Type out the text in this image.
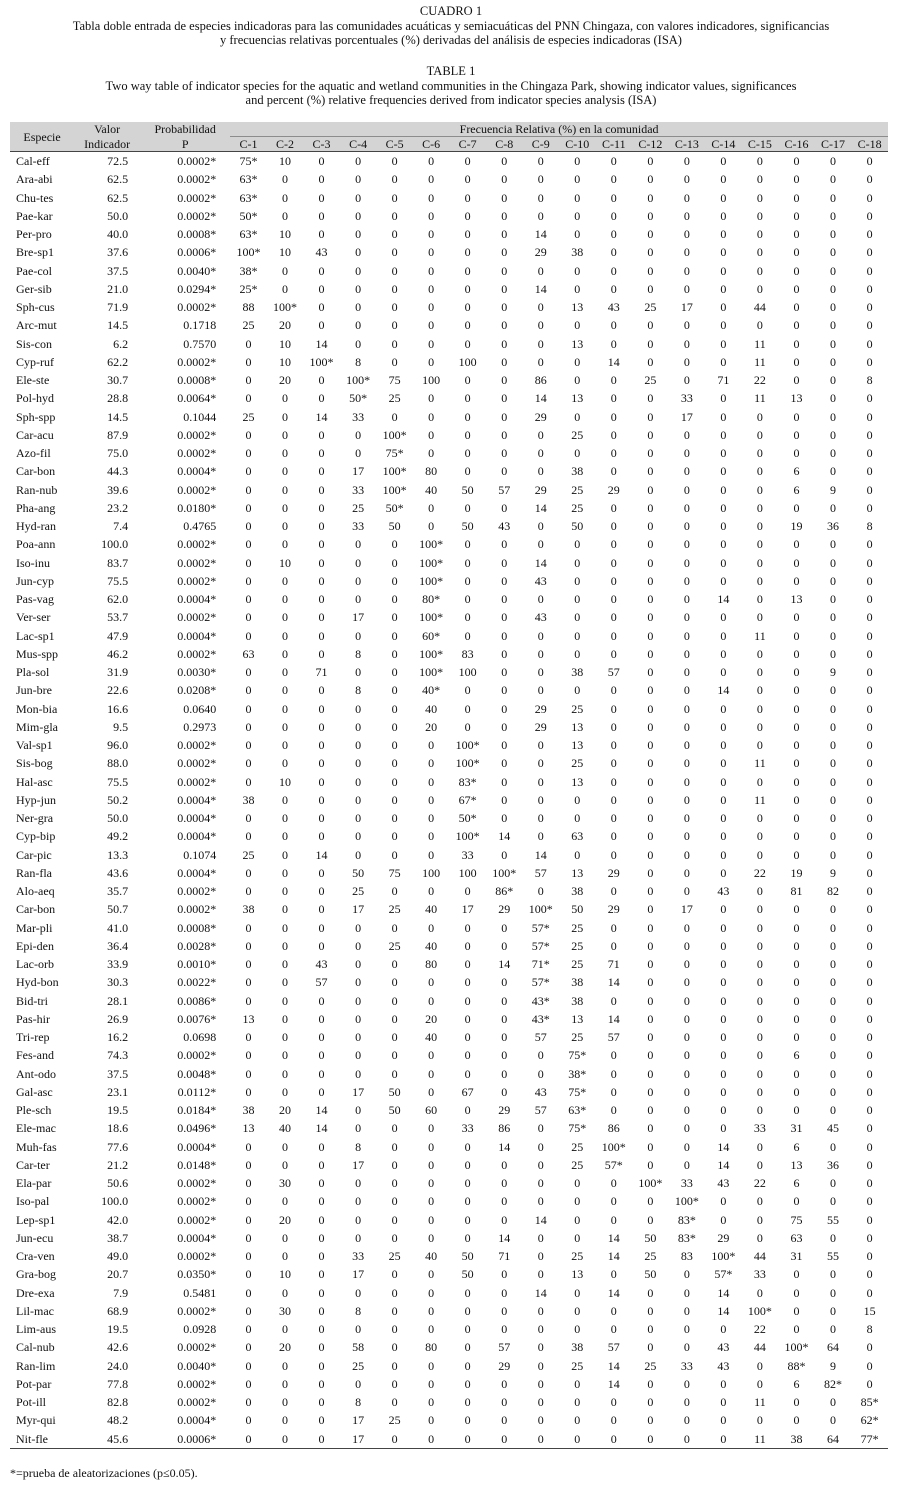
CUADRO 1
Tabla doble entrada de especies indicadoras para las comunidades acuáticas y semiacuáticas del PNN Chingaza, con valores indicadores, significancias
y frecuencias relativas porcentuales (%) derivadas del análisis de especies indicadoras (ISA)
TABLE 1
Two way table of indicator species for the aquatic and wetland communities in the Chingaza Park, showing indicator values, significances
and percent (%) relative frequencies derived from indicator species analysis (ISA)
Especie	Valor	Probabilidad	Frecuencia Relativa (%) en la comunidad																	
	Indicador	P	C-1	C-2	C-3	C-4	C-5	C-6	C-7	C-8	C-9	C-10	C-11	C-12	C-13	C-14	C-15	C-16	C-17	C-18
Cal-eff	72.5	0.0002*	75*	10	0	0	0	0	0	0	0	0	0	0	0	0	0	0	0	0
Ara-abi	62.5	0.0002*	63*	0	0	0	0	0	0	0	0	0	0	0	0	0	0	0	0	0
Chu-tes	62.5	0.0002*	63*	0	0	0	0	0	0	0	0	0	0	0	0	0	0	0	0	0
Pae-kar	50.0	0.0002*	50*	0	0	0	0	0	0	0	0	0	0	0	0	0	0	0	0	0
Per-pro	40.0	0.0008*	63*	10	0	0	0	0	0	0	14	0	0	0	0	0	0	0	0	0
Bre-sp1	37.6	0.0006*	100*	10	43	0	0	0	0	0	29	38	0	0	0	0	0	0	0	0
Pae-col	37.5	0.0040*	38*	0	0	0	0	0	0	0	0	0	0	0	0	0	0	0	0	0
Ger-sib	21.0	0.0294*	25*	0	0	0	0	0	0	0	14	0	0	0	0	0	0	0	0	0
Sph-cus	71.9	0.0002*	88	100*	0	0	0	0	0	0	0	13	43	25	17	0	44	0	0	0
Arc-mut	14.5	0.1718	25	20	0	0	0	0	0	0	0	0	0	0	0	0	0	0	0	0
Sis-con	6.2	0.7570	0	10	14	0	0	0	0	0	0	13	0	0	0	0	11	0	0	0
Cyp-ruf	62.2	0.0002*	0	10	100*	8	0	0	100	0	0	0	14	0	0	0	11	0	0	0
Ele-ste	30.7	0.0008*	0	20	0	100*	75	100	0	0	86	0	0	25	0	71	22	0	0	8
Pol-hyd	28.8	0.0064*	0	0	0	50*	25	0	0	0	14	13	0	0	33	0	11	13	0	0
Sph-spp	14.5	0.1044	25	0	14	33	0	0	0	0	29	0	0	0	17	0	0	0	0	0
Car-acu	87.9	0.0002*	0	0	0	0	100*	0	0	0	0	25	0	0	0	0	0	0	0	0
Azo-fil	75.0	0.0002*	0	0	0	0	75*	0	0	0	0	0	0	0	0	0	0	0	0	0
Car-bon	44.3	0.0004*	0	0	0	17	100*	80	0	0	0	38	0	0	0	0	0	6	0	0
Ran-nub	39.6	0.0002*	0	0	0	33	100*	40	50	57	29	25	29	0	0	0	0	6	9	0
Pha-ang	23.2	0.0180*	0	0	0	25	50*	0	0	0	14	25	0	0	0	0	0	0	0	0
Hyd-ran	7.4	0.4765	0	0	0	33	50	0	50	43	0	50	0	0	0	0	0	19	36	8
Poa-ann	100.0	0.0002*	0	0	0	0	0	100*	0	0	0	0	0	0	0	0	0	0	0	0
Iso-inu	83.7	0.0002*	0	10	0	0	0	100*	0	0	14	0	0	0	0	0	0	0	0	0
Jun-cyp	75.5	0.0002*	0	0	0	0	0	100*	0	0	43	0	0	0	0	0	0	0	0	0
Pas-vag	62.0	0.0004*	0	0	0	0	0	80*	0	0	0	0	0	0	0	14	0	13	0	0
Ver-ser	53.7	0.0002*	0	0	0	17	0	100*	0	0	43	0	0	0	0	0	0	0	0	0
Lac-sp1	47.9	0.0004*	0	0	0	0	0	60*	0	0	0	0	0	0	0	0	11	0	0	0
Mus-spp	46.2	0.0002*	63	0	0	8	0	100*	83	0	0	0	0	0	0	0	0	0	0	0
Pla-sol	31.9	0.0030*	0	0	71	0	0	100*	100	0	0	38	57	0	0	0	0	0	9	0
Jun-bre	22.6	0.0208*	0	0	0	8	0	40*	0	0	0	0	0	0	0	14	0	0	0	0
Mon-bia	16.6	0.0640	0	0	0	0	0	40	0	0	29	25	0	0	0	0	0	0	0	0
Mim-gla	9.5	0.2973	0	0	0	0	0	20	0	0	29	13	0	0	0	0	0	0	0	0
Val-sp1	96.0	0.0002*	0	0	0	0	0	0	100*	0	0	13	0	0	0	0	0	0	0	0
Sis-bog	88.0	0.0002*	0	0	0	0	0	0	100*	0	0	25	0	0	0	0	11	0	0	0
Hal-asc	75.5	0.0002*	0	10	0	0	0	0	83*	0	0	13	0	0	0	0	0	0	0	0
Hyp-jun	50.2	0.0004*	38	0	0	0	0	0	67*	0	0	0	0	0	0	0	11	0	0	0
Ner-gra	50.0	0.0004*	0	0	0	0	0	0	50*	0	0	0	0	0	0	0	0	0	0	0
Cyp-bip	49.2	0.0004*	0	0	0	0	0	0	100*	14	0	63	0	0	0	0	0	0	0	0
Car-pic	13.3	0.1074	25	0	14	0	0	0	33	0	14	0	0	0	0	0	0	0	0	0
Ran-fla	43.6	0.0004*	0	0	0	50	75	100	100	100*	57	13	29	0	0	0	22	19	9	0
Alo-aeq	35.7	0.0002*	0	0	0	25	0	0	0	86*	0	38	0	0	0	43	0	81	82	0
Car-bon	50.7	0.0002*	38	0	0	17	25	40	17	29	100*	50	29	0	17	0	0	0	0	0
Mar-pli	41.0	0.0008*	0	0	0	0	0	0	0	0	57*	25	0	0	0	0	0	0	0	0
Epi-den	36.4	0.0028*	0	0	0	0	25	40	0	0	57*	25	0	0	0	0	0	0	0	0
Lac-orb	33.9	0.0010*	0	0	43	0	0	80	0	14	71*	25	71	0	0	0	0	0	0	0
Hyd-bon	30.3	0.0022*	0	0	57	0	0	0	0	0	57*	38	14	0	0	0	0	0	0	0
Bid-tri	28.1	0.0086*	0	0	0	0	0	0	0	0	43*	38	0	0	0	0	0	0	0	0
Pas-hir	26.9	0.0076*	13	0	0	0	0	20	0	0	43*	13	14	0	0	0	0	0	0	0
Tri-rep	16.2	0.0698	0	0	0	0	0	40	0	0	57	25	57	0	0	0	0	0	0	0
Fes-and	74.3	0.0002*	0	0	0	0	0	0	0	0	0	75*	0	0	0	0	0	6	0	0
Ant-odo	37.5	0.0048*	0	0	0	0	0	0	0	0	0	38*	0	0	0	0	0	0	0	0
Gal-asc	23.1	0.0112*	0	0	0	17	50	0	67	0	43	75*	0	0	0	0	0	0	0	0
Ple-sch	19.5	0.0184*	38	20	14	0	50	60	0	29	57	63*	0	0	0	0	0	0	0	0
Ele-mac	18.6	0.0496*	13	40	14	0	0	0	33	86	0	75*	86	0	0	0	33	31	45	0
Muh-fas	77.6	0.0004*	0	0	0	8	0	0	0	14	0	25	100*	0	0	14	0	6	0	0
Car-ter	21.2	0.0148*	0	0	0	17	0	0	0	0	0	25	57*	0	0	14	0	13	36	0
Ela-par	50.6	0.0002*	0	30	0	0	0	0	0	0	0	0	0	100*	33	43	22	6	0	0
Iso-pal	100.0	0.0002*	0	0	0	0	0	0	0	0	0	0	0	0	100*	0	0	0	0	0
Lep-sp1	42.0	0.0002*	0	20	0	0	0	0	0	0	14	0	0	0	83*	0	0	75	55	0
Jun-ecu	38.7	0.0004*	0	0	0	0	0	0	0	14	0	0	14	50	83*	29	0	63	0	0
Cra-ven	49.0	0.0002*	0	0	0	33	25	40	50	71	0	25	14	25	83	100*	44	31	55	0
Gra-bog	20.7	0.0350*	0	10	0	17	0	0	50	0	0	13	0	50	0	57*	33	0	0	0
Dre-exa	7.9	0.5481	0	0	0	0	0	0	0	0	14	0	14	0	0	14	0	0	0	0
Lil-mac	68.9	0.0002*	0	30	0	8	0	0	0	0	0	0	0	0	0	14	100*	0	0	15
Lim-aus	19.5	0.0928	0	0	0	0	0	0	0	0	0	0	0	0	0	0	22	0	0	8
Cal-nub	42.6	0.0002*	0	20	0	58	0	80	0	57	0	38	57	0	0	43	44	100*	64	0
Ran-lim	24.0	0.0040*	0	0	0	25	0	0	0	29	0	25	14	25	33	43	0	88*	9	0
Pot-par	77.8	0.0002*	0	0	0	0	0	0	0	0	0	0	14	0	0	0	0	6	82*	0
Pot-ill	82.8	0.0002*	0	0	0	8	0	0	0	0	0	0	0	0	0	0	11	0	0	85*
Myr-qui	48.2	0.0004*	0	0	0	17	25	0	0	0	0	0	0	0	0	0	0	0	0	62*
Nit-fle	45.6	0.0006*	0	0	0	17	0	0	0	0	0	0	0	0	0	0	11	38	64	77*
*=prueba de aleatorizaciones (p≤0.05).
